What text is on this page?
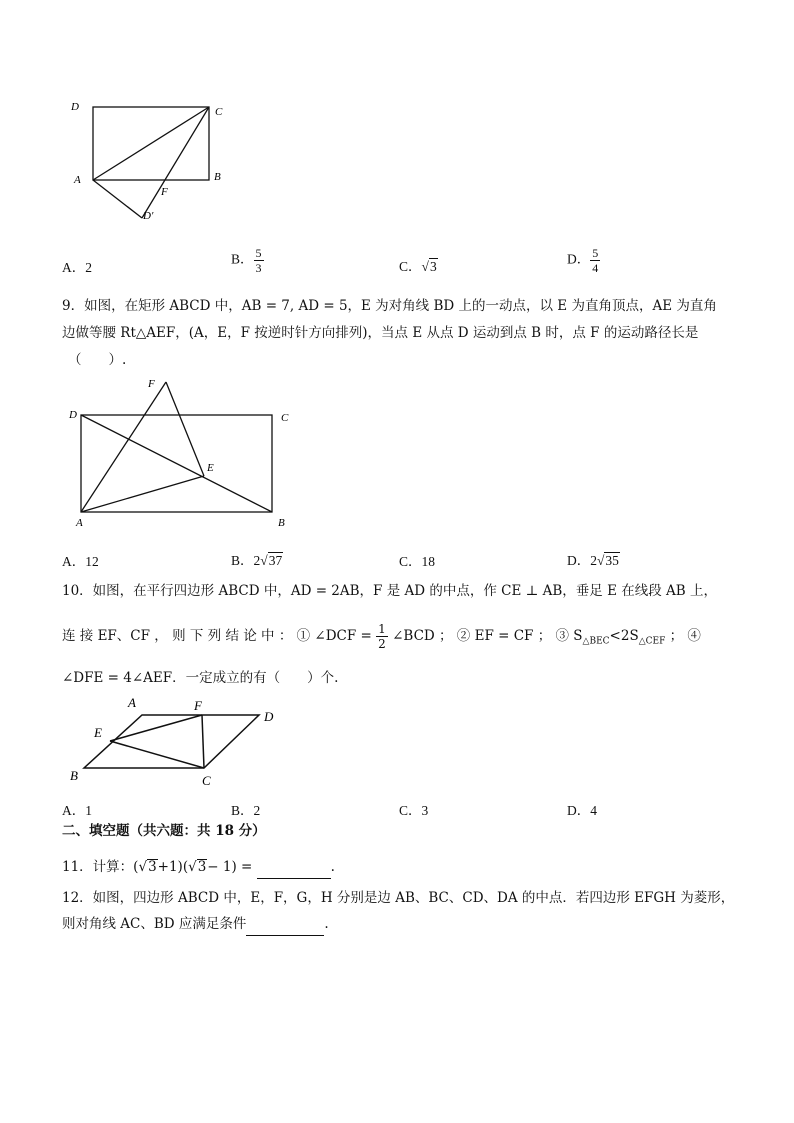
D	C
A	B
F
D′
A．2
B． $\frac{5}{3}$	C．√3	D． $\frac{5}{4}$
9．如图，在矩形 ABCD 中，AB = 7, AD = 5，E 为对角线 BD 上的一动点，以 E 为直角顶点，AE 为直角
边做等腰 Rt△AEF，(A，E，F 按逆时针方向排列)，当点 E 从点 D 运动到点 B 时，点 F 的运动路径长是
（　　）.
F
D	C
E
A	B
A．12	B．2√37	C．18	D．2√35
10．如图，在平行四边形 ABCD 中，AD = 2AB，F 是 AD 的中点，作 CE ⊥ AB，垂足 E 在线段 AB 上，
连 接 EF、CF ， 则 下 列 结 论 中 ： ① ∠DCF = $\frac{1}{2}$ ∠BCD ； ② EF = CF ； ③ $S_{\triangle BEC}<2S_{\triangle CEF}$ ； ④
∠DFE = 4∠AEF．一定成立的有（　　）个.
A	F
D
E
B	C
A．1	B．2	C．3	D．4
二、填空题（共六题：共 18 分）
11．计算：(√3+1)(√3− 1) =	.
12．如图，四边形 ABCD 中，E，F，G，H 分别是边 AB、BC、CD、DA 的中点．若四边形 EFGH 为菱形，
则对角线 AC、BD 应满足条件	.
